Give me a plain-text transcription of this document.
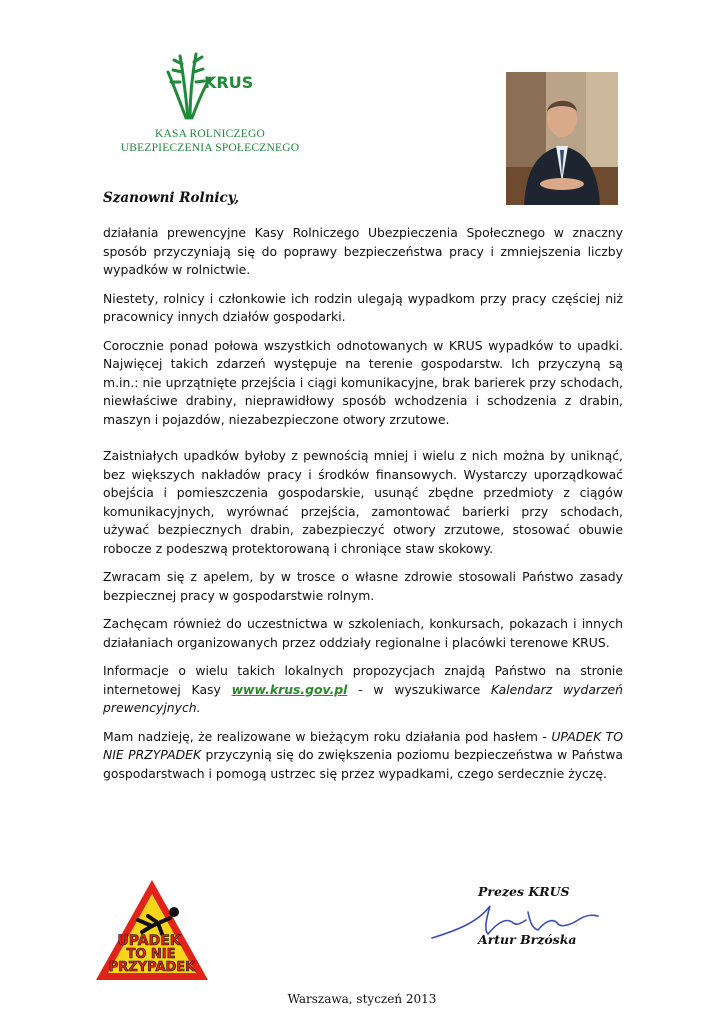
KRUS
KASA ROLNICZEGO
UBEZPIECZENIA SPOŁECZNEGO
Szanowni Rolnicy,

działania prewencyjne Kasy Rolniczego Ubezpieczenia Społecznego w znaczny sposób przyczyniają się do poprawy bezpieczeństwa pracy i zmniejszenia liczby wypadków w rolnictwie.

Niestety, rolnicy i członkowie ich rodzin ulegają wypadkom przy pracy częściej niż pracownicy innych działów gospodarki.

Corocznie ponad połowa wszystkich odnotowanych w KRUS wypadków to upadki. Najwięcej takich zdarzeń występuje na terenie gospodarstw. Ich przyczyną są m.in.: nie uprzątnięte przejścia i ciągi komunikacyjne, brak barierek przy schodach, niewłaściwe drabiny, nieprawidłowy sposób wchodzenia i schodzenia z drabin, maszyn i pojazdów, niezabezpieczone otwory zrzutowe.

Zaistniałych upadków byłoby z pewnością mniej i wielu z nich można by uniknąć, bez większych nakładów pracy i środków finansowych. Wystarczy uporządkować obejścia i pomieszczenia gospodarskie, usunąć zbędne przedmioty z ciągów komunikacyjnych, wyrównać przejścia, zamontować barierki przy schodach, używać bezpiecznych drabin, zabezpieczyć otwory zrzutowe, stosować obuwie robocze z podeszwą protektorowaną i chroniące staw skokowy.

Zwracam się z apelem, by w trosce o własne zdrowie stosowali Państwo zasady bezpiecznej pracy w gospodarstwie rolnym.

Zachęcam również do uczestnictwa w szkoleniach, konkursach, pokazach i innych działaniach organizowanych przez oddziały regionalne i placówki terenowe KRUS.

Informacje o wielu takich lokalnych propozycjach znajdą Państwo na stronie internetowej Kasy www.krus.gov.pl - w wyszukiwarce Kalendarz wydarzeń prewencyjnych.

Mam nadzieję, że realizowane w bieżącym roku działania pod hasłem - UPADEK TO NIE PRZYPADEK przyczynią się do zwiększenia poziomu bezpieczeństwa w Państwa gospodarstwach i pomogą ustrzec się przez wypadkami, czego serdecznie życzę.

UPADEK
TO NIE
PRZYPADEK
Prezes KRUS
Artur Brzóska
Warszawa, styczeń 2013
